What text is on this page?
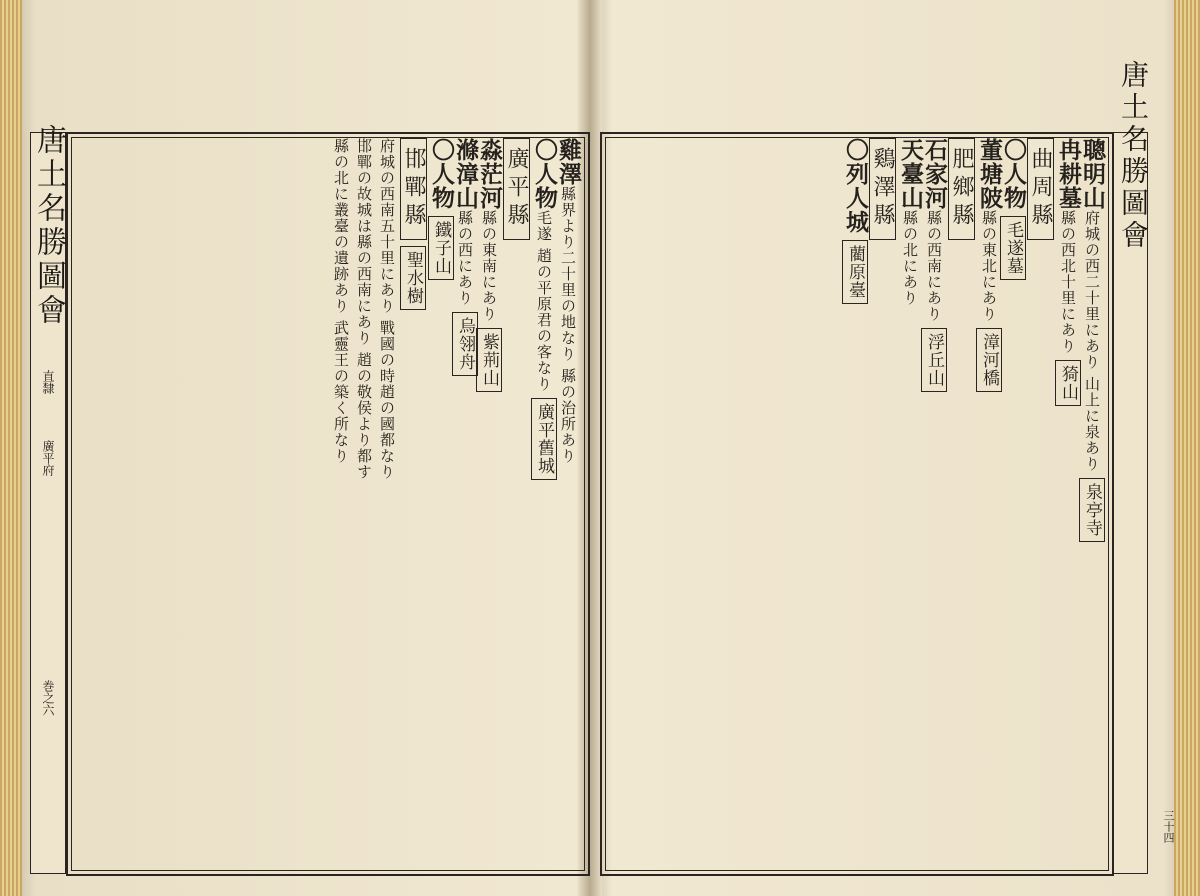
唐土名勝圖會
直隸
廣平府
巻之六
雞澤縣界より二十里の地なり 縣の治所あり
〇人物毛遂 趙の平原君の客なり 廣平舊城
廣平縣
淼茫河縣の東南にあり 紫荊山
滌漳山縣の西にあり 烏翎舟
〇人物 鐵子山
邯鄲縣 聖水樹
府城の西南五十里にあり 戰國の時趙の國都なり
邯鄲の故城は縣の西南にあり 趙の敬侯より都す
縣の北に叢臺の遺跡あり 武靈王の築く所なり	唐土名勝圖會
三十四
聰明山府城の西二十里にあり 山上に泉あり 泉亭寺
冉耕墓縣の西北十里にあり 猗山
曲周縣
〇人物 毛遂墓
董塘陂縣の東北にあり 漳河橋
肥鄉縣
石家河縣の西南にあり 浮丘山
天臺山縣の北にあり
鷄澤縣
〇列人城 藺原臺
